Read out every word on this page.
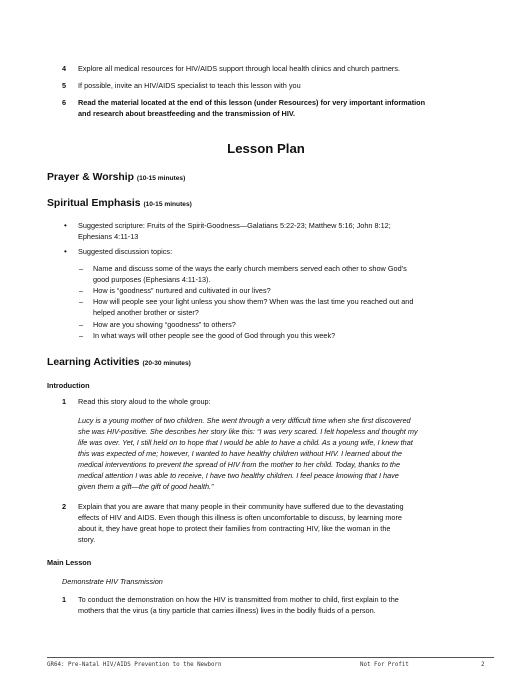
4 Explore all medical resources for HIV/AIDS support through local health clinics and church partners.
5 If possible, invite an HIV/AIDS specialist to teach this lesson with you
6 Read the material located at the end of this lesson (under Resources) for very important information
and research about breastfeeding and the transmission of HIV.
Lesson Plan
Prayer & Worship (10-15 minutes)
Spiritual Emphasis (10-15 minutes)
• Suggested scripture: Fruits of the Spirit-Goodness—Galatians 5:22-23; Matthew 5:16; John 8:12;
Ephesians 4:11-13
• Suggested discussion topics:
– Name and discuss some of the ways the early church members served each other to show God’s
good purposes (Ephesians 4:11-13).
– How is “goodness” nurtured and cultivated in our lives?
– How will people see your light unless you show them? When was the last time you reached out and
helped another brother or sister?
– How are you showing “goodness” to others?
– In what ways will other people see the good of God through you this week?
Learning Activities (20-30 minutes)
Introduction
1 Read this story aloud to the whole group:
Lucy is a young mother of two children. She went through a very difficult time when she first discovered
she was HIV-positive. She describes her story like this: “I was very scared. I felt hopeless and thought my
life was over. Yet, I still held on to hope that I would be able to have a child. As a young wife, I knew that
this was expected of me; however, I wanted to have healthy children without HIV. I learned about the
medical interventions to prevent the spread of HIV from the mother to her child. Today, thanks to the
medical attention I was able to receive, I have two healthy children. I feel peace knowing that I have
given them a gift—the gift of good health.”
2 Explain that you are aware that many people in their community have suffered due to the devastating
effects of HIV and AIDS. Even though this illness is often uncomfortable to discuss, by learning more
about it, they have great hope to protect their families from contracting HIV, like the woman in the
story.
Main Lesson
Demonstrate HIV Transmission
1 To conduct the demonstration on how the HIV is transmitted from mother to child, first explain to the
mothers that the virus (a tiny particle that carries illness) lives in the bodily fluids of a person.
GR64: Pre-Natal HIV/AIDS Prevention to the Newborn	Not For Profit	2
